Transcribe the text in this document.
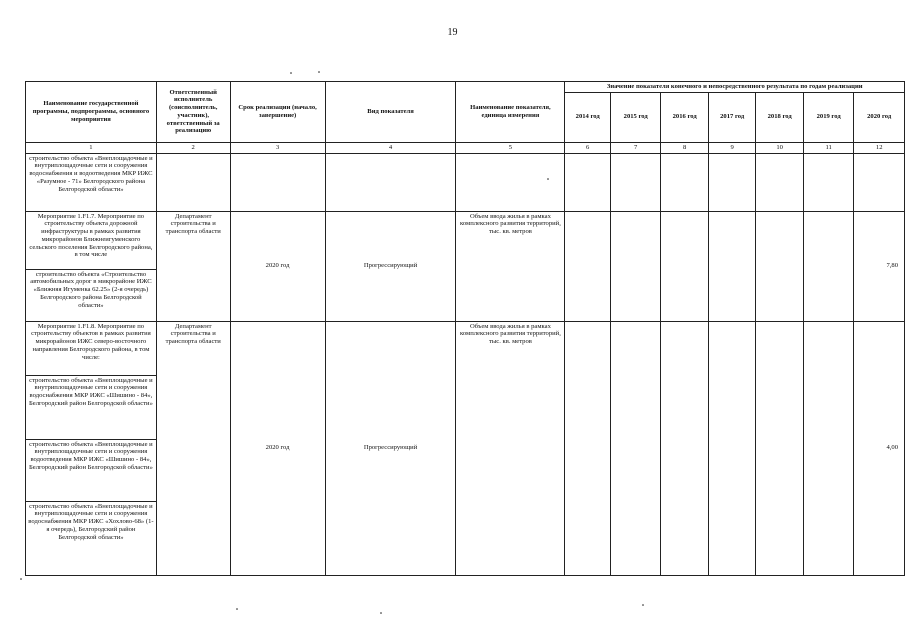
19
Наименование государственной программы, подпрограммы, основного мероприятия	Ответственный исполнитель (соисполнитель, участник), ответственный за реализацию	Срок реализации (начало, завершение)	Вид показателя	Наименование показателя, единица измерения	Значение показателя конечного и непосредственного результата по годам реализации						
					2014 год	2015 год	2016 год	2017 год	2018 год	2019 год	2020 год
1	2	3	4	5	6	7	8	9	10	11	12
строительство объекта «Внеплощадочные и внутриплощадочные сети и сооружения водоснабжения и водоотведения МКР ИЖС «Разумное - 71» Белгородского района Белгородской области»											
Мероприятие 1.F1.7. Мероприятие по строительству объекта дорожной инфраструктуры в рамках развития микрорайонов Ближнеигуменского сельского поселения Белгородского района, в том числе	Департамент строительства и транспорта области	2020 год	Прогрессирующий	Объем ввода жилья в рамках комплексного развития территорий, тыс. кв. метров							7,80
строительство объекта «Строительство автомобильных дорог в микрорайоне ИЖС «Ближняя Игуменка 62.25» (2-я очередь) Белгородского района Белгородской области»											
Мероприятие 1.F1.8. Мероприятие по строительству объектов в рамках развития микрорайонов ИЖС северо-восточного направления Белгородского района, в том числе:	Департамент строительства и транспорта области	2020 год	Прогрессирующий	Объем ввода жилья в рамках комплексного развития территорий, тыс. кв. метров							4,00
строительство объекта «Внеплощадочные и внутриплощадочные сети и сооружения водоснабжения МКР ИЖС «Шишино - 84», Белгородский район Белгородской области»											
строительство объекта «Внеплощадочные и внутриплощадочные сети и сооружения водоотведения МКР ИЖС «Шишино - 84», Белгородский район Белгородской области»											
строительство объекта «Внеплощадочные и внутриплощадочные сети и сооружения водоснабжения МКР ИЖС «Хохлово-68» (1-я очередь), Белгородский район Белгородской области»											
